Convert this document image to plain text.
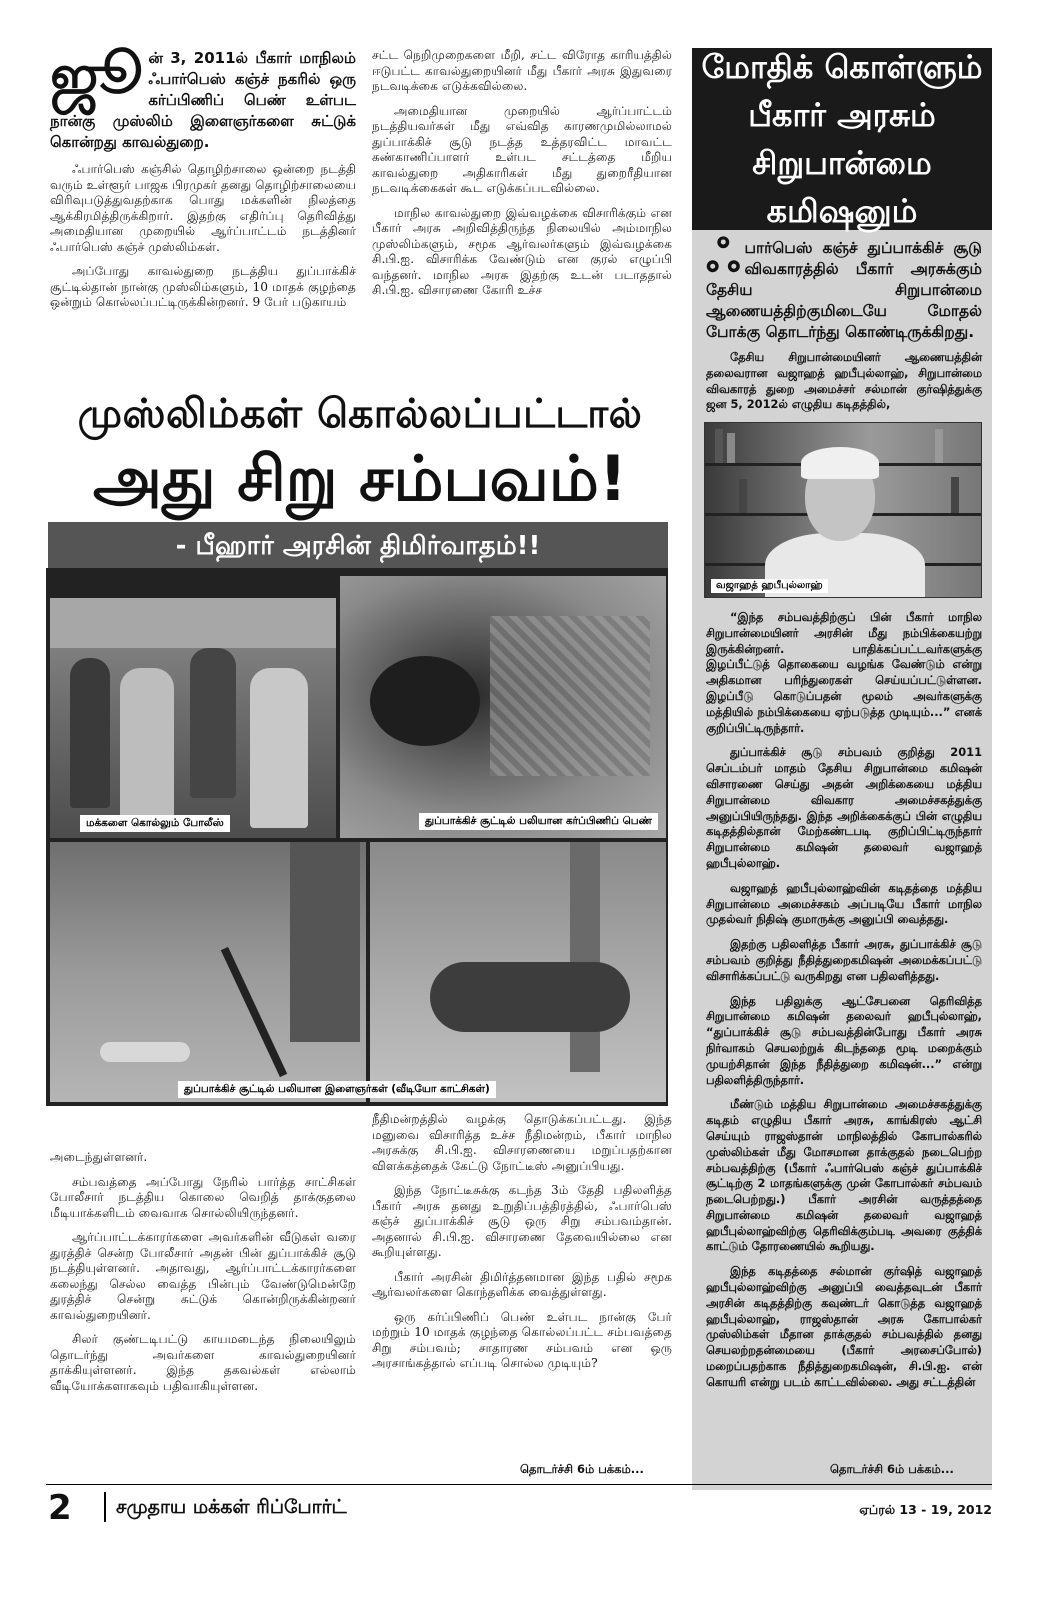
ஜூன் 3, 2011ல் பீகார் மாநிலம் ஃபார்பெஸ் கஞ்ச் நகரில் ஒரு கர்ப்பிணிப் பெண் உள்பட நான்கு முஸ்லிம் இளைஞர்களை சுட்டுக் கொன்றது காவல்துறை.

ஃபார்பெஸ் கஞ்சில் தொழிற்சாலை ஒன்றை நடத்தி வரும் உள்ளூர் பாஜக பிரமுகர் தனது தொழிற்சாலையை விரிவுபடுத்துவதற்காக பொது மக்களின் நிலத்தை ஆக்கிரமித்திருக்கிறார். இதற்கு எதிர்ப்பு தெரிவித்து அமைதியான முறையில் ஆர்ப்பாட்டம் நடத்தினர் ஃபார்பெஸ் கஞ்ச் முஸ்லிம்கள்.

அப்போது காவல்துறை நடத்திய துப்பாக்கிச் சூட்டில்தான் நான்கு முஸ்லிம்களும், 10 மாதக் குழந்தை ஒன்றும் கொல்லப்பட்டிருக்கின்றனர். 9 பேர் படுகாயம்

சட்ட நெறிமுறைகளை மீறி, சட்ட விரோத காரியத்தில் ஈடுபட்ட காவல்துறையினர் மீது பீகார் அரசு இதுவரை நடவடிக்கை எடுக்கவில்லை.

அமைதியான முறையில் ஆர்ப்பாட்டம் நடத்தியவர்கள் மீது எவ்வித காரணமுமில்லாமல் துப்பாக்கிச் சூடு நடத்த உத்தரவிட்ட மாவட்ட கண்காணிப்பாளர் உள்பட சட்டத்தை மீறிய காவல்துறை அதிகாரிகள் மீது துறைரீதியான நடவடிக்கைகள் கூட எடுக்கப்படவில்லை.

மாநில காவல்துறை இவ்வழக்கை விசாரிக்கும் என பீகார் அரசு அறிவித்திருந்த நிலையில் அம்மாநில முஸ்லிம்களும், சமூக ஆர்வலர்களும் இவ்வழக்கை சி.பி.ஐ. விசாரிக்க வேண்டும் என குரல் எழுப்பி வந்தனர். மாநில அரசு இதற்கு உடன் படாததால் சி.பி.ஐ. விசாரணை கோரி உச்ச

முஸ்லிம்கள் கொல்லப்பட்டால்
அது சிறு சம்பவம்!
- பீஹார் அரசின் திமிர்வாதம்!!
மக்களை கொல்லும் போலீஸ்	துப்பாக்கிச் சூட்டில் பலியான கர்ப்பிணிப் பெண்
துப்பாக்கிச் சூட்டில் பலியான இளைஞர்கள் (வீடியோ காட்சிகள்)

அடைந்துள்ளனர்.

சம்பவத்தை அப்போது நேரில் பார்த்த சாட்சிகள் போலீசார் நடத்திய கொலை வெறித் தாக்குதலை மீடியாக்களிடம் வைவாக சொல்லியிருந்தனர்.

ஆர்ப்பாட்டக்காரர்களை அவர்களின் வீடுகள் வரை துரத்திச் சென்ற போலீசார் அதன் பின் துப்பாக்கிச் சூடு நடத்தியுள்ளனர். அதாவது, ஆர்ப்பாட்டக்காரர்களை கலைந்து செல்ல வைத்த பின்பும் வேண்டுமென்றே துரத்திச் சென்று சுட்டுக் கொன்றிருக்கின்றனர் காவல்துறையினர்.

சிலர் குண்டடிபட்டு காயமடைந்த நிலையிலும் தொடர்ந்து அவர்களை காவல்துறையினர் தாக்கியுள்ளனர். இந்த தகவல்கள் எல்லாம் வீடியோக்களாகவும் பதிவாகியுள்ளன.

நீதிமன்றத்தில் வழக்கு தொடுக்கப்பட்டது. இந்த மனுவை விசாரித்த உச்ச நீதிமன்றம், பீகார் மாநில அரசுக்கு சி.பி.ஐ. விசாரணையை மறுப்பதற்கான விளக்கத்தைக் கேட்டு நோட்டீஸ் அனுப்பியது.

இந்த நோட்டீசுக்கு கடந்த 3ம் தேதி பதிலளித்த பீகார் அரசு தனது உறுதிப்பத்திரத்தில், ஃபார்பெஸ் கஞ்ச் துப்பாக்கிச் சூடு ஒரு சிறு சம்பவம்தான். அதனால் சி.பி.ஐ. விசாரணை தேவையில்லை என கூறியுள்ளது.

பீகார் அரசின் திமிர்த்தனமான இந்த பதில் சமூக ஆர்வலர்களை கொந்தளிக்க வைத்துள்ளது.

ஒரு கர்ப்பிணிப் பெண் உள்பட நான்கு பேர் மற்றும் 10 மாதக் குழந்தை கொல்லப்பட்ட சம்பவத்தை சிறு சம்பவம்; சாதாரண சம்பவம் என ஒரு அரசாங்கத்தால் எப்படி சொல்ல முடியும்?

தொடர்ச்சி 6ம் பக்கம்...
மோதிக் கொள்ளும்
பீகார் அரசும்
சிறுபான்மை கமிஷனும்
ஃபார்பெஸ் கஞ்ச் துப்பாக்கிச் சூடு விவகாரத்தில் பீகார் அரசுக்கும் தேசிய சிறுபான்மை ஆணையத்திற்குமிடையே மோதல் போக்கு தொடர்ந்து கொண்டிருக்கிறது.

தேசிய சிறுபான்மையினர் ஆணையத்தின் தலைவரான வஜாஹத் ஹபீபுல்லாஹ், சிறுபான்மை விவகாரத் துறை அமைச்சர் சல்மான் குர்ஷித்துக்கு ஜன 5, 2012ல் எழுதிய கடிதத்தில்,

வஜாஹத் ஹபீபுல்லாஹ்

“இந்த சம்பவத்திற்குப் பின் பீகார் மாநில சிறுபான்மையினர் அரசின் மீது நம்பிக்கையற்று இருக்கின்றனர். பாதிக்கப்பட்டவர்களுக்கு இழப்பீட்டுத் தொகையை வழங்க வேண்டும் என்று அதிகமான பரிந்துரைகள் செய்யப்பட்டுள்ளன. இழப்பீடு கொடுப்பதன் மூலம் அவர்களுக்கு மத்தியில் நம்பிக்கையை ஏற்படுத்த முடியும்...” எனக் குறிப்பிட்டிருந்தார்.

துப்பாக்கிச் சூடு சம்பவம் குறித்து 2011 செப்டம்பர் மாதம் தேசிய சிறுபான்மை கமிஷன் விசாரணை செய்து அதன் அறிக்கையை மத்திய சிறுபான்மை விவகார அமைச்சகத்துக்கு அனுப்பியிருந்தது. இந்த அறிக்கைக்குப் பின் எழுதிய கடிதத்தில்தான் மேற்கண்டபடி குறிப்பிட்டிருந்தார் சிறுபான்மை கமிஷன் தலைவர் வஜாஹத் ஹபீபுல்லாஹ்.

வஜாஹத் ஹபீபுல்லாஹ்வின் கடிதத்தை மத்திய சிறுபான்மை அமைச்சகம் அப்படியே பீகார் மாநில முதல்வர் நிதிஷ் குமாருக்கு அனுப்பி வைத்தது.

இதற்கு பதிலளித்த பீகார் அரசு, துப்பாக்கிச் சூடு சம்பவம் குறித்து நீதித்துறைகமிஷன் அமைக்கப்பட்டு விசாரிக்கப்பட்டு வருகிறது என பதிலளித்தது.

இந்த பதிலுக்கு ஆட்சேபனை தெரிவித்த சிறுபான்மை கமிஷன் தலைவர் ஹபீபுல்லாஹ், “துப்பாக்கிச் சூடு சம்பவத்தின்போது பீகார் அரசு நிர்வாகம் செயலற்றுக் கிடந்ததை மூடி மறைக்கும் முயற்சிதான் இந்த நீதித்துறை கமிஷன்...” என்று பதிலளித்திருந்தார்.

மீண்டும் மத்திய சிறுபான்மை அமைச்சகத்துக்கு கடிதம் எழுதிய பீகார் அரசு, காங்கிரஸ் ஆட்சி செய்யும் ராஜஸ்தான் மாநிலத்தில் கோபால்கரில் முஸ்லிம்கள் மீது மோசமான தாக்குதல் நடைபெற்ற சம்பவத்திற்கு (பீகார் ஃபார்பெஸ் கஞ்ச் துப்பாக்கிச் சூட்டிற்கு 2 மாதங்களுக்கு முன் கோபால்கர் சம்பவம் நடைபெற்றது.) பீகார் அரசின் வருத்தத்தை சிறுபான்மை கமிஷன் தலைவர் வஜாஹத் ஹபீபுல்லாஹ்விற்கு தெரிவிக்கும்படி அவரை குத்திக் காட்டும் தோரணையில் கூறியது.

இந்த கடிதத்தை சல்மான் குர்ஷித் வஜாஹத் ஹபீபுல்லாஹ்விற்கு அனுப்பி வைத்தவுடன் பீகார் அரசின் கடிதத்திற்கு கவுண்டர் கொடுத்த வஜாஹத் ஹபீபுல்லாஹ், ராஜஸ்தான் அரசு கோபால்கர் முஸ்லிம்கள் மீதான தாக்குதல் சம்பவத்தில் தனது செயலற்றதன்மையை (பீகார் அரசைப்போல்) மறைப்பதற்காக நீதித்துறைகமிஷன், சி.பி.ஐ. என் கொயரி என்று படம் காட்டவில்லை. அது சட்டத்தின்

தொடர்ச்சி 6ம் பக்கம்...
2 சமுதாய மக்கள் ரிப்போர்ட்	ஏப்ரல் 13 - 19, 2012
